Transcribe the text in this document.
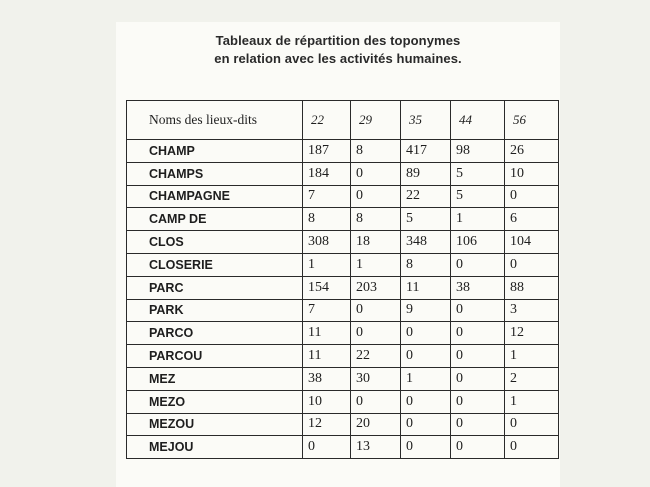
Tableaux de répartition des toponymes
en relation avec les activités humaines.
Noms des lieux-dits	22	29	35	44	56
CHAMP	187	8	417	98	26
CHAMPS	184	0	89	5	10
CHAMPAGNE	7	0	22	5	0
CAMP DE	8	8	5	1	6
CLOS	308	18	348	106	104
CLOSERIE	1	1	8	0	0
PARC	154	203	11	38	88
PARK	7	0	9	0	3
PARCO	11	0	0	0	12
PARCOU	11	22	0	0	1
MEZ	38	30	1	0	2
MEZO	10	0	0	0	1
MEZOU	12	20	0	0	0
MEJOU	0	13	0	0	0
